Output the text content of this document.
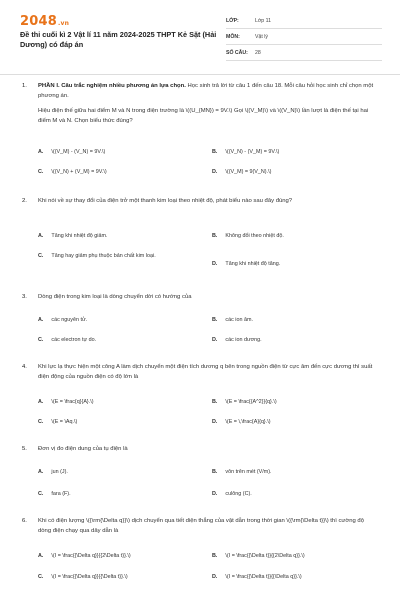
2048.vn
Đề thi cuối kì 2 Vật lí 11 năm 2024-2025 THPT Kẻ Sặt (Hải Dương) có đáp án
LỚP:	Lớp 11
MÔN:	Vật lý
SỐ CÂU:	28
1. PHẦN I. Câu trắc nghiệm nhiều phương án lựa chọn. Học sinh trả lời từ câu 1 đến câu 18. Mỗi câu hỏi học sinh chỉ chọn một phương án.
Hiệu điện thế giữa hai điểm M và N trong điện trường là \((U_{MN}) = 9V.\) Gọi \((V_M)\) và \((V_N)\) lần lượt là điện thế tại hai điểm M và N. Chọn biểu thức đúng?
A. \((V_M) - (V_N) = 9V.\)	B. \((V_N) - (V_M) = 9V.\)
C. \((V_N) + (V_M) = 9V.\)	D. \((V_M) = 9(V_N).\)
2. Khi nói về sự thay đổi của điện trở một thanh kim loại theo nhiệt độ, phát biểu nào sau đây đúng?
A. Tăng khi nhiệt độ giảm.	B. Không đổi theo nhiệt độ.
C. Tăng hay giảm phụ thuộc bản chất kim loại.
D. Tăng khi nhiệt độ tăng.
3. Dòng điện trong kim loại là dòng chuyển dời có hướng của
A. các nguyên tử.	B. các ion âm.
C. các electron tự do.	D. các ion dương.
4. Khi lực lạ thực hiện một công A làm dịch chuyển một điện tích dương q bên trong nguồn điện từ cực âm đến cực dương thì suất điện động của nguồn điện có độ lớn là
A. \(E = \frac{q}{A}.\)	B. \(E = \frac{{A^2}}{q}.\)
C. \(E = \Aq.\)	D. \(E = \,\frac{A}{q}.\)
5. Đơn vị đo điện dung của tụ điện là
A. jun (J).	B. vôn trên mét (V/m).
C. fara (F).	D. culông (C).
6. Khi có điện lượng \({\rm{\Delta q}}\) dịch chuyển qua tiết diện thẳng của vật dẫn trong thời gian \({\rm{\Delta t}}\) thì cường độ dòng điện chạy qua dây dẫn là
A. \(I = \frac{{\Delta q}}{{2\Delta t}}.\)	B. \(I = \frac{{\Delta t}}{{2\Delta q}}.\)
C. \(I = \frac{{\Delta q}}{{\Delta t}}.\)	D. \(I = \frac{{\Delta t}}{{\Delta q}}.\)
